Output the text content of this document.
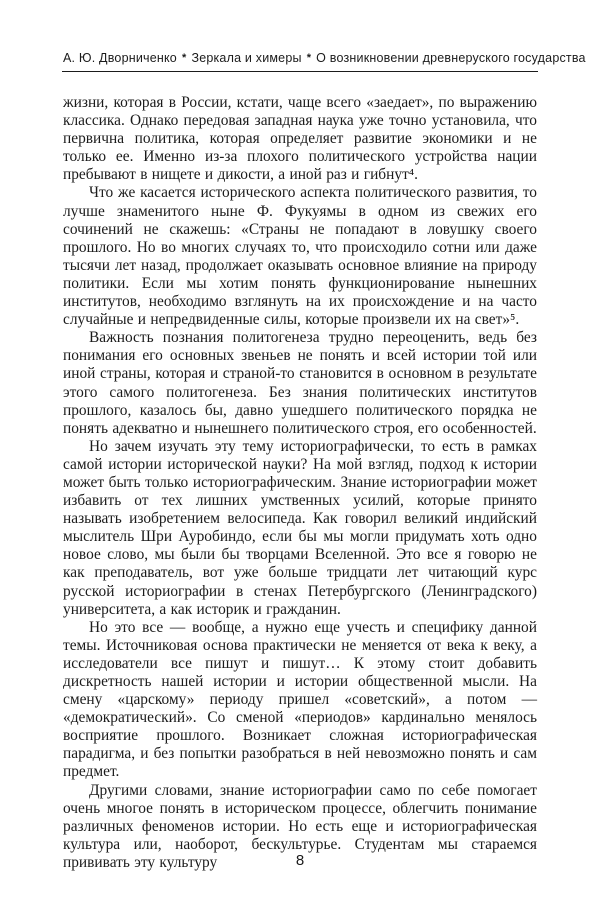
А. Ю. Дворниченко * Зеркала и химеры * О возникновении древнеруского государства

жизни, которая в России, кстати, чаще всего «заедает», по выражению классика. Однако передовая западная наука уже точно установила, что первична политика, которая определяет развитие экономики и не только ее. Именно из-за плохого политического устройства нации пребывают в нищете и дикости, а иной раз и гибнут⁴.

Что же касается исторического аспекта политического развития, то лучше знаменитого ныне Ф. Фукуямы в одном из свежих его сочинений не скажешь: «Страны не попадают в ловушку своего прошлого. Но во многих случаях то, что происходило сотни или даже тысячи лет назад, продолжает оказывать основное влияние на природу политики. Если мы хотим понять функционирование нынешних институтов, необходимо взглянуть на их происхождение и на часто случайные и непредвиденные силы, которые произвели их на свет»⁵.

Важность познания политогенеза трудно переоценить, ведь без понимания его основных звеньев не понять и всей истории той или иной страны, которая и страной-то становится в основном в результате этого самого политогенеза. Без знания политических институтов прошлого, казалось бы, давно ушедшего политического порядка не понять адекватно и нынешнего политического строя, его особенностей.

Но зачем изучать эту тему историографически, то есть в рамках самой истории исторической науки? На мой взгляд, подход к истории может быть только историографическим. Знание историографии может избавить от тех лишних умственных усилий, которые принято называть изобретением велосипеда. Как говорил великий индийский мыслитель Шри Ауробиндо, если бы мы могли придумать хоть одно новое слово, мы были бы творцами Вселенной. Это все я говорю не как преподаватель, вот уже больше тридцати лет читающий курс русской историографии в стенах Петербургского (Ленинградского) университета, а как историк и гражданин.

Но это все — вообще, а нужно еще учесть и специфику данной темы. Источниковая основа практически не меняется от века к веку, а исследователи все пишут и пишут… К этому стоит добавить дискретность нашей истории и истории общественной мысли. На смену «царскому» периоду пришел «советский», а потом — «демократический». Со сменой «периодов» кардинально менялось восприятие прошлого. Возникает сложная историографическая парадигма, и без попытки разобраться в ней невозможно понять и сам предмет.

Другими словами, знание историографии само по себе помогает очень многое понять в историческом процессе, облегчить понимание различных феноменов истории. Но есть еще и историографическая культура или, наоборот, бескультурье. Студентам мы стараемся прививать эту культуру	8
